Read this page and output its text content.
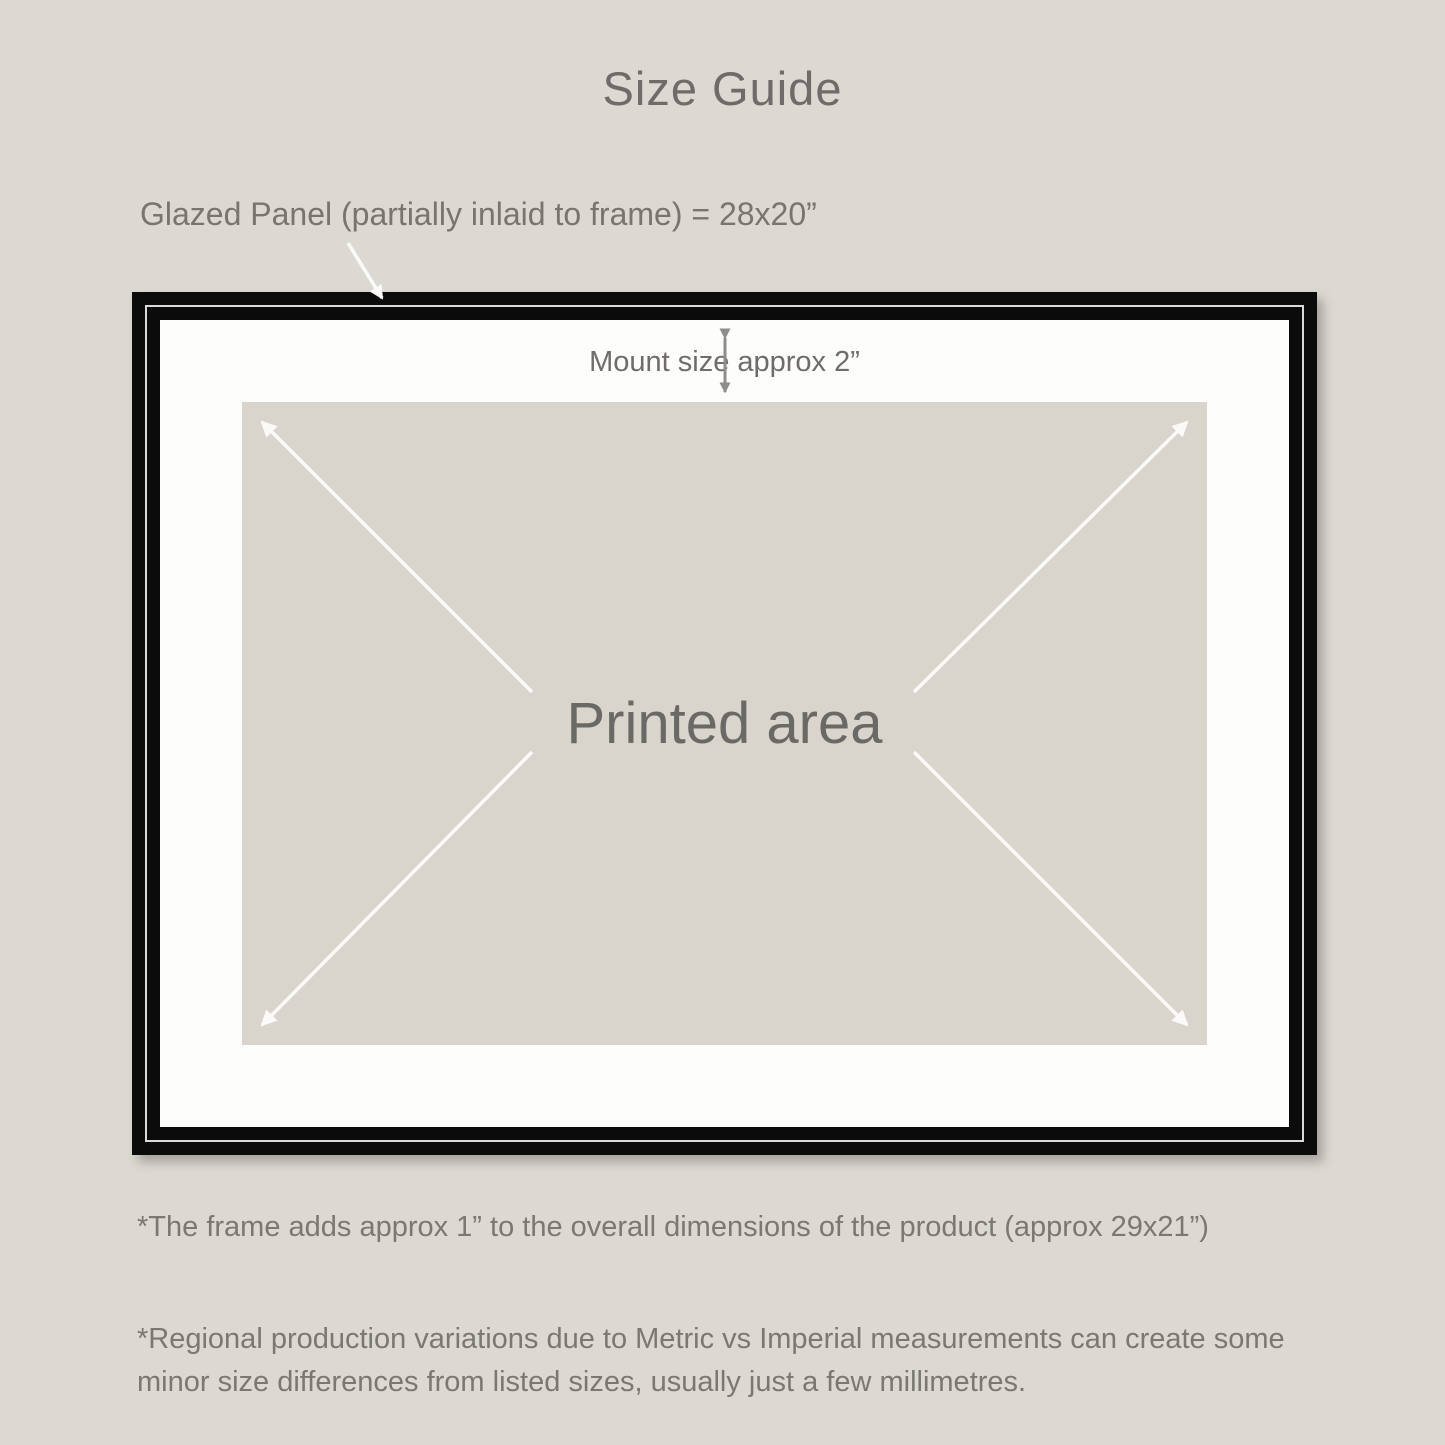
Size Guide
Glazed Panel (partially inlaid to frame) = 28x20”
Mount size approx 2”
Printed area
*The frame adds approx 1” to the overall dimensions of the product (approx 29x21”)
*Regional production variations due to Metric vs Imperial measurements can create some
minor size differences from listed sizes, usually just a few millimetres.
